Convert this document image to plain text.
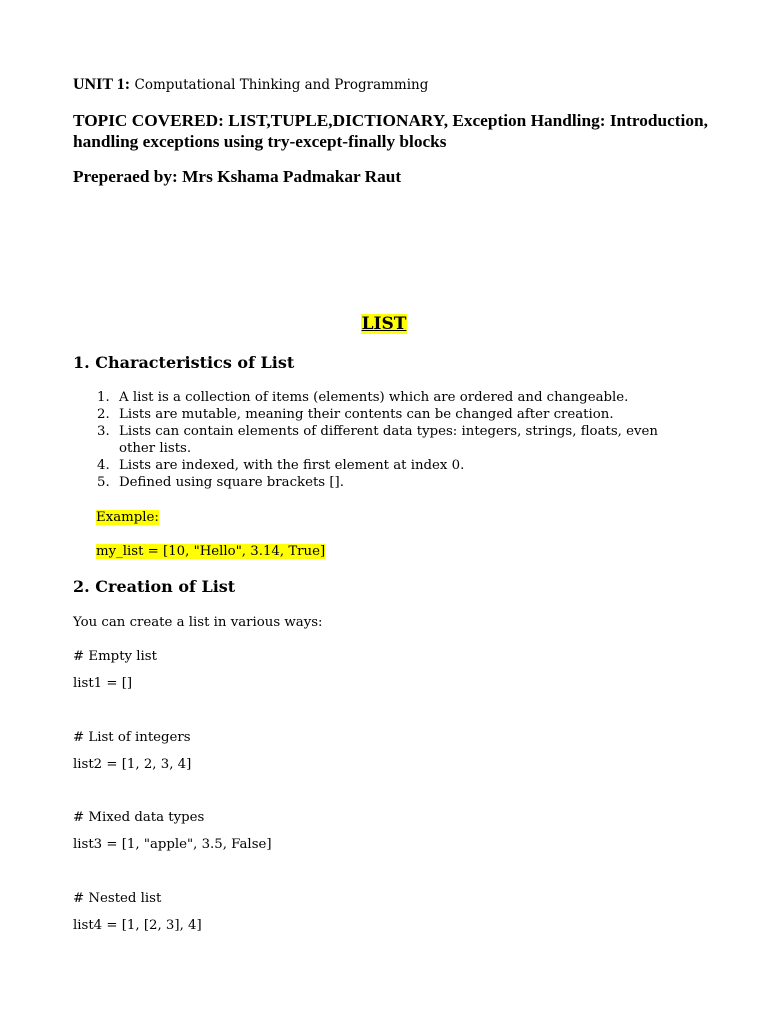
UNIT 1: Computational Thinking and Programming
TOPIC COVERED: LIST,TUPLE,DICTIONARY, Exception Handling: Introduction, handling exceptions using try-except-finally blocks
Preperaed by: Mrs Kshama Padmakar Raut
LIST
1. Characteristics of List
1. A list is a collection of items (elements) which are ordered and changeable.
2. Lists are mutable, meaning their contents can be changed after creation.
3. Lists can contain elements of different data types: integers, strings, floats, even other lists.
4. Lists are indexed, with the first element at index 0.
5. Defined using square brackets [].
Example:
my_list = [10, "Hello", 3.14, True]
2. Creation of List
You can create a list in various ways:
# Empty list
list1 = []
# List of integers
list2 = [1, 2, 3, 4]
# Mixed data types
list3 = [1, "apple", 3.5, False]
# Nested list
list4 = [1, [2, 3], 4]
